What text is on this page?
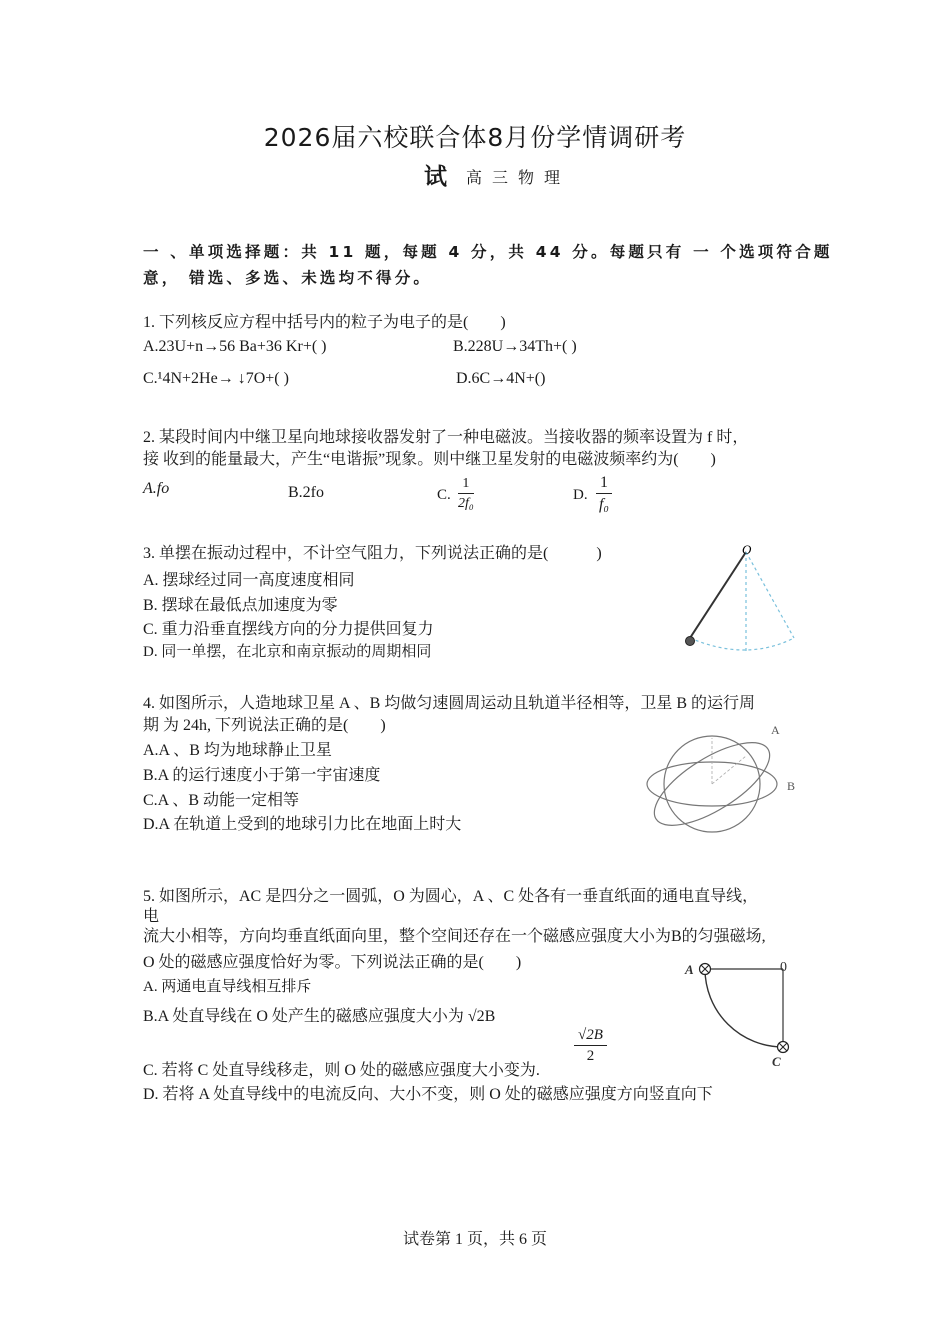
2026届六校联合体8月份学情调研考
试 高三物理
一 、单项选择题：共 11 题，每题 4 分，共 44 分。每题只有 一 个选项符合题
意， 错选、多选、未选均不得分。
1. 下列核反应方程中括号内的粒子为电子的是(　　)
A.23U+n→56 Ba+36 Kr+( )	B.228U→34Th+( )
C.¹4N+2He→ ↓7O+( )	D.6C→4N+()
2. 某段时间内中继卫星向地球接收器发射了一种电磁波。当接收器的频率设置为 f 时，
接 收到的能量最大，产生“电谐振”现象。则中继卫星发射的电磁波频率约为(　　)
A.fo	B.2fo	C.
1
2f₀
D.
1
f₀
3. 单摆在振动过程中，不计空气阻力，下列说法正确的是(　　　)
A. 摆球经过同一高度速度相同
B. 摆球在最低点加速度为零
C. 重力沿垂直摆线方向的分力提供回复力
D. 同一单摆，在北京和南京振动的周期相同
O
4. 如图所示，人造地球卫星 A 、B 均做匀速圆周运动且轨道半径相等，卫星 B 的运行周
期 为 24h, 下列说法正确的是(　　)
A.A 、B 均为地球静止卫星
B.A 的运行速度小于第一宇宙速度
C.A 、B 动能一定相等
D.A 在轨道上受到的地球引力比在地面上时大
A
B
5. 如图所示，AC 是四分之一圆弧，O 为圆心，A 、C 处各有一垂直纸面的通电直导线，
电
流大小相等，方向均垂直纸面向里，整个空间还存在一个磁感应强度大小为B的匀强磁场,
O 处的磁感应强度恰好为零。下列说法正确的是(　　)
A. 两通电直导线相互排斥
B.A 处直导线在 O 处产生的磁感应强度大小为 √2B
C. 若将 C 处直导线移走，则 O 处的磁感应强度大小变为.
√2B
2
D. 若将 A 处直导线中的电流反向、大小不变，则 O 处的磁感应强度方向竖直向下
A	0
C
试卷第 1 页，共 6 页
